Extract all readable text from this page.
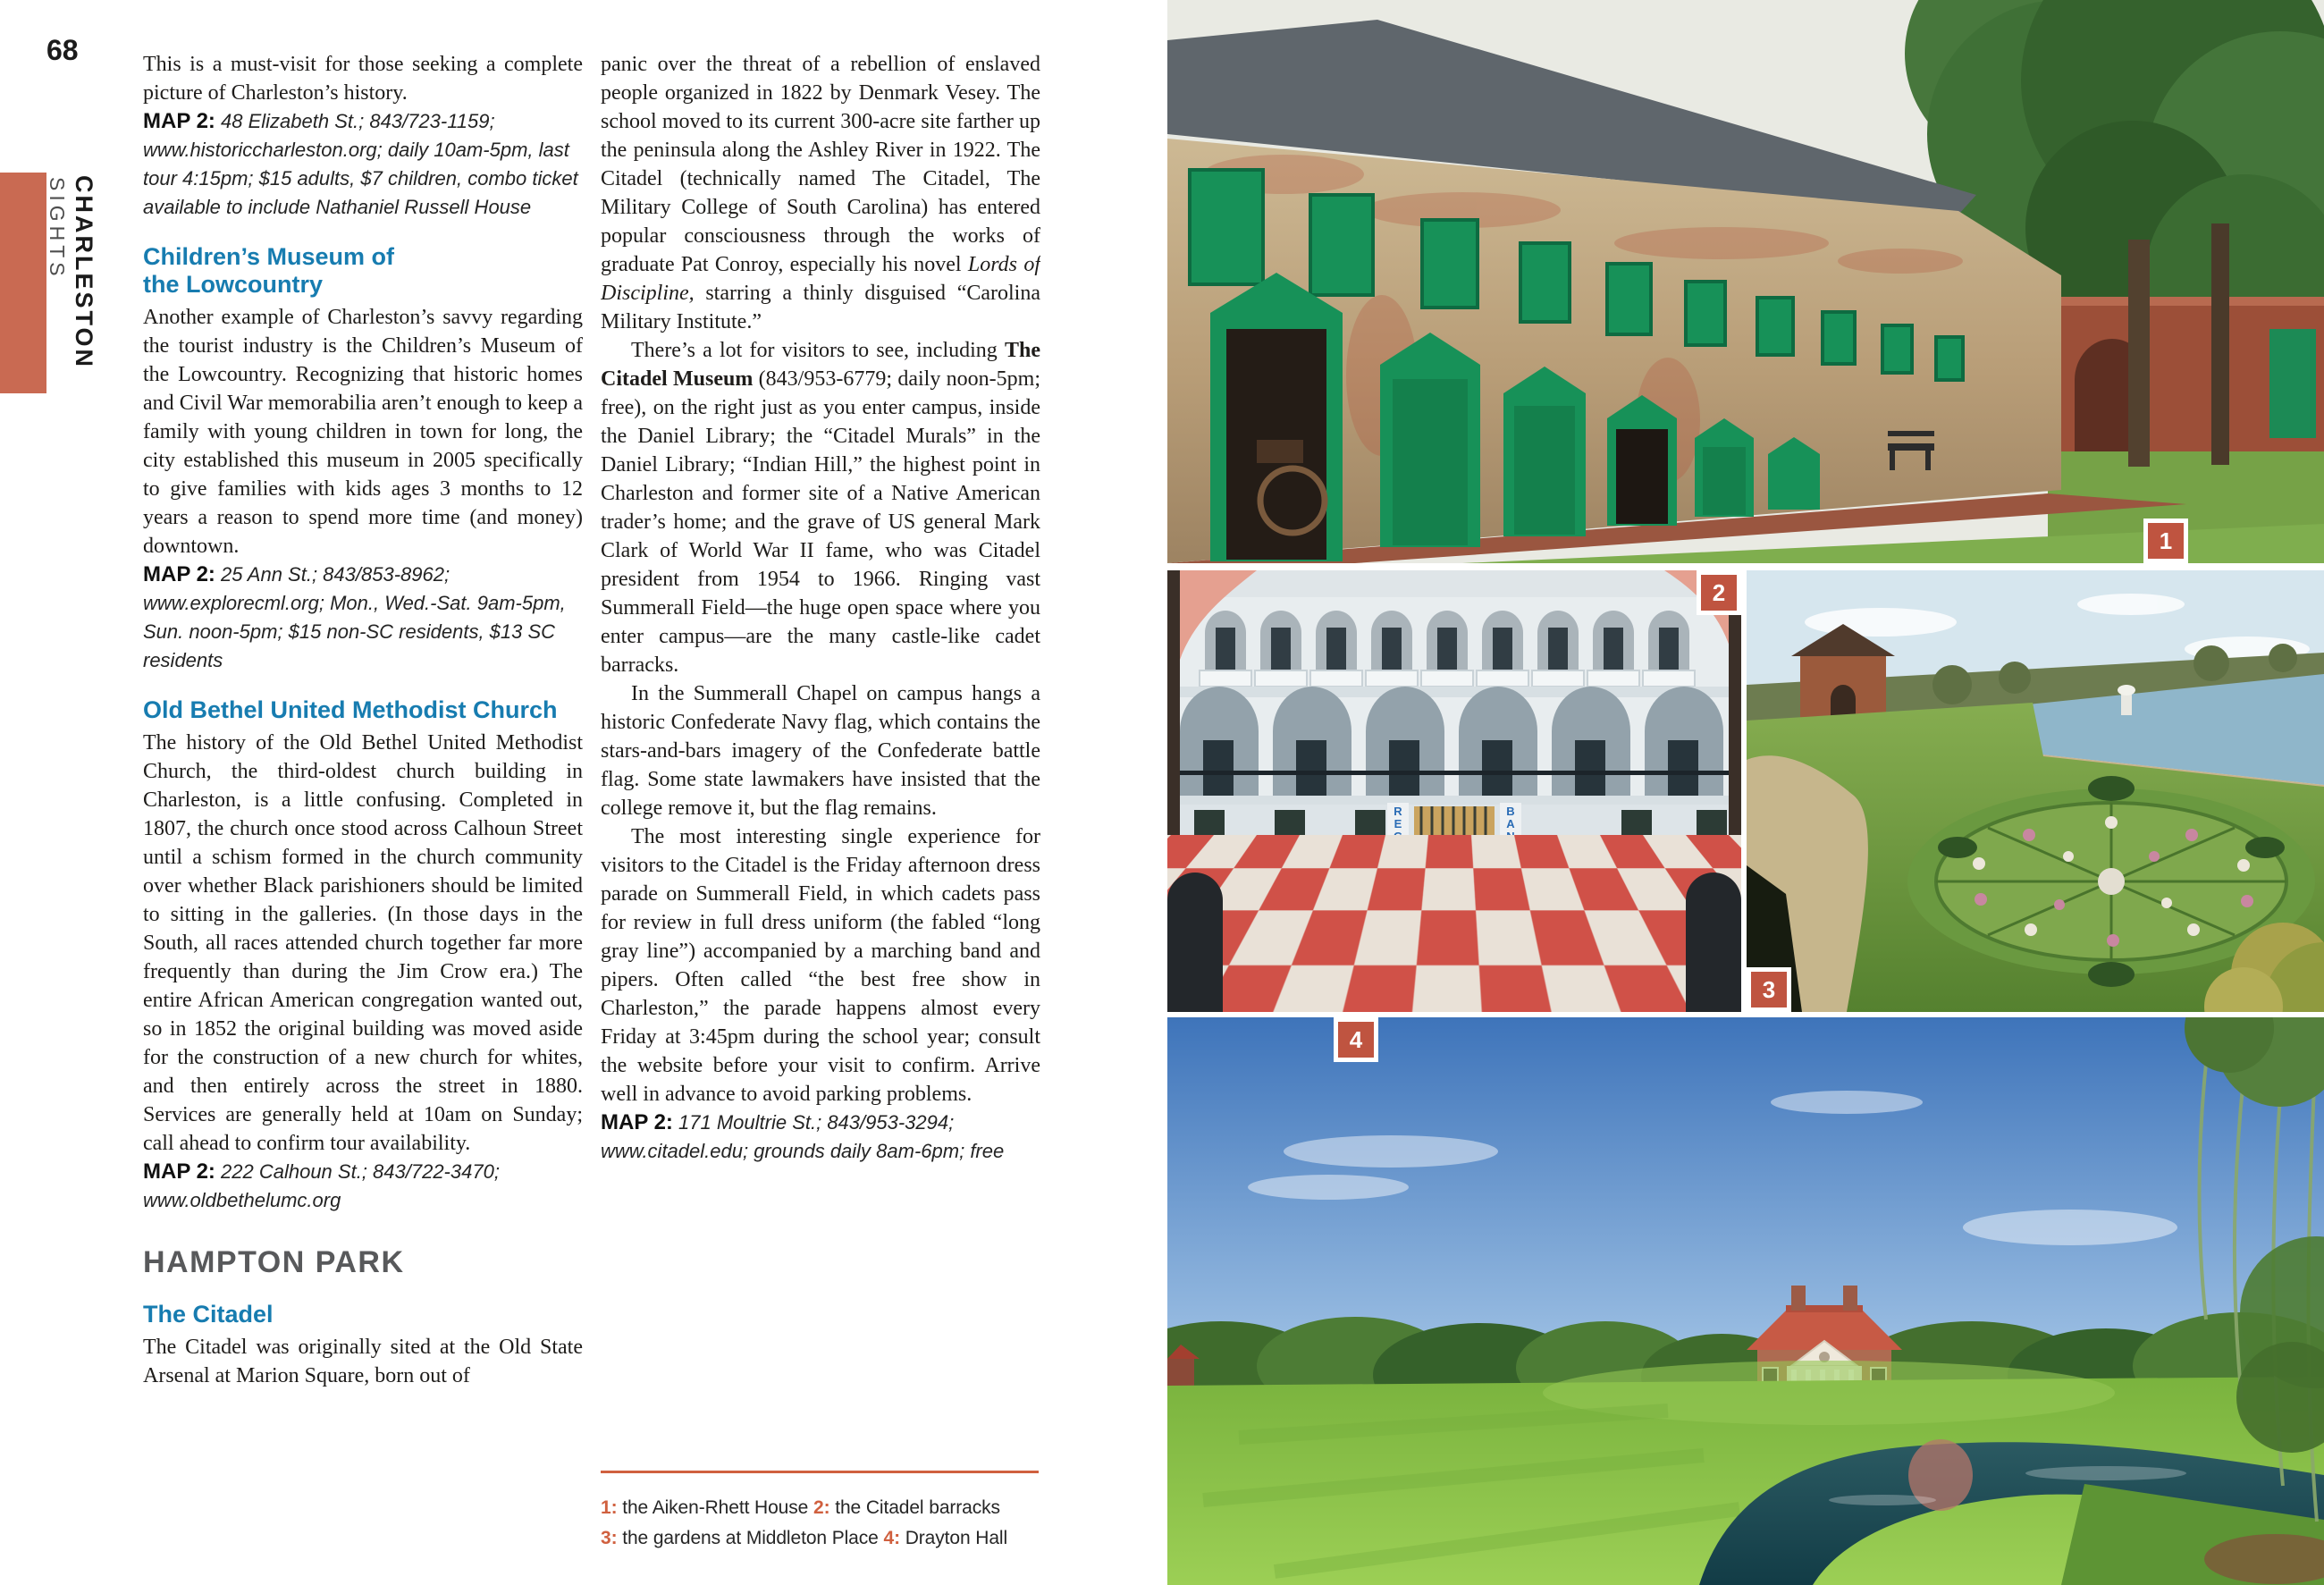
68
CHARLESTON
SIGHTS

This is a must-visit for those seeking a complete picture of Charleston’s history.

MAP 2: 48 Elizabeth St.; 843/723-1159; www.historiccharleston.org; daily 10am-5pm, last tour 4:15pm; $15 adults, $7 children, combo ticket available to include Nathaniel Russell House

Children’s Museum of
the Lowcountry

Another example of Charleston’s savvy regarding the tourist industry is the Children’s Museum of the Lowcountry. Recognizing that historic homes and Civil War memorabilia aren’t enough to keep a family with young children in town for long, the city established this museum in 2005 specifically to give families with kids ages 3 months to 12 years a reason to spend more time (and money) downtown.

MAP 2: 25 Ann St.; 843/853-8962; www.explorecml.org; Mon., Wed.-Sat. 9am-5pm, Sun. noon-5pm; $15 non-SC residents, $13 SC residents

Old Bethel United Methodist Church

The history of the Old Bethel United Methodist Church, the third-oldest church building in Charleston, is a little confusing. Completed in 1807, the church once stood across Calhoun Street until a schism formed in the church community over whether Black parishioners should be limited to sitting in the galleries. (In those days in the South, all races attended church together far more frequently than during the Jim Crow era.) The entire African American congregation wanted out, so in 1852 the original building was moved aside for the construction of a new church for whites, and then entirely across the street in 1880. Services are generally held at 10am on Sunday; call ahead to confirm tour availability.

MAP 2: 222 Calhoun St.; 843/722-3470; www.oldbethelumc.org

HAMPTON PARK
The Citadel

The Citadel was originally sited at the Old State Arsenal at Marion Square, born out of

panic over the threat of a rebellion of enslaved people organized in 1822 by Denmark Vesey. The school moved to its current 300-acre site farther up the peninsula along the Ashley River in 1922. The Citadel (technically named The Citadel, The Military College of South Carolina) has entered popular consciousness through the works of graduate Pat Conroy, especially his novel Lords of Discipline, starring a thinly disguised “Carolina Military Institute.”

There’s a lot for visitors to see, including The Citadel Museum (843/953-6779; daily noon-5pm; free), on the right just as you enter campus, inside the Daniel Library; the “Citadel Murals” in the Daniel Library; “Indian Hill,” the highest point in Charleston and former site of a Native American trader’s home; and the grave of US general Mark Clark of World War II fame, who was Citadel president from 1954 to 1966. Ringing vast Summerall Field—the huge open space where you enter campus—are the many castle-like cadet barracks.

In the Summerall Chapel on campus hangs a historic Confederate Navy flag, which contains the stars-and-bars imagery of the Confederate battle flag. Some state lawmakers have insisted that the college remove it, but the flag remains.

The most interesting single experience for visitors to the Citadel is the Friday afternoon dress parade on Summerall Field, in which cadets pass for review in full dress uniform (the fabled “long gray line”) accompanied by a marching band and pipers. Often called “the best free show in Charleston,” the parade happens almost every Friday at 3:45pm during the school year; consult the website before your visit to confirm. Arrive well in advance to avoid parking problems.

MAP 2: 171 Moultrie St.; 843/953-3294; www.citadel.edu; grounds daily 8am-6pm; free

1: the Aiken-Rhett House 2: the Citadel barracks
3: the gardens at Middleton Place 4: Drayton Hall
1
R
E
B
A
2
3
4
